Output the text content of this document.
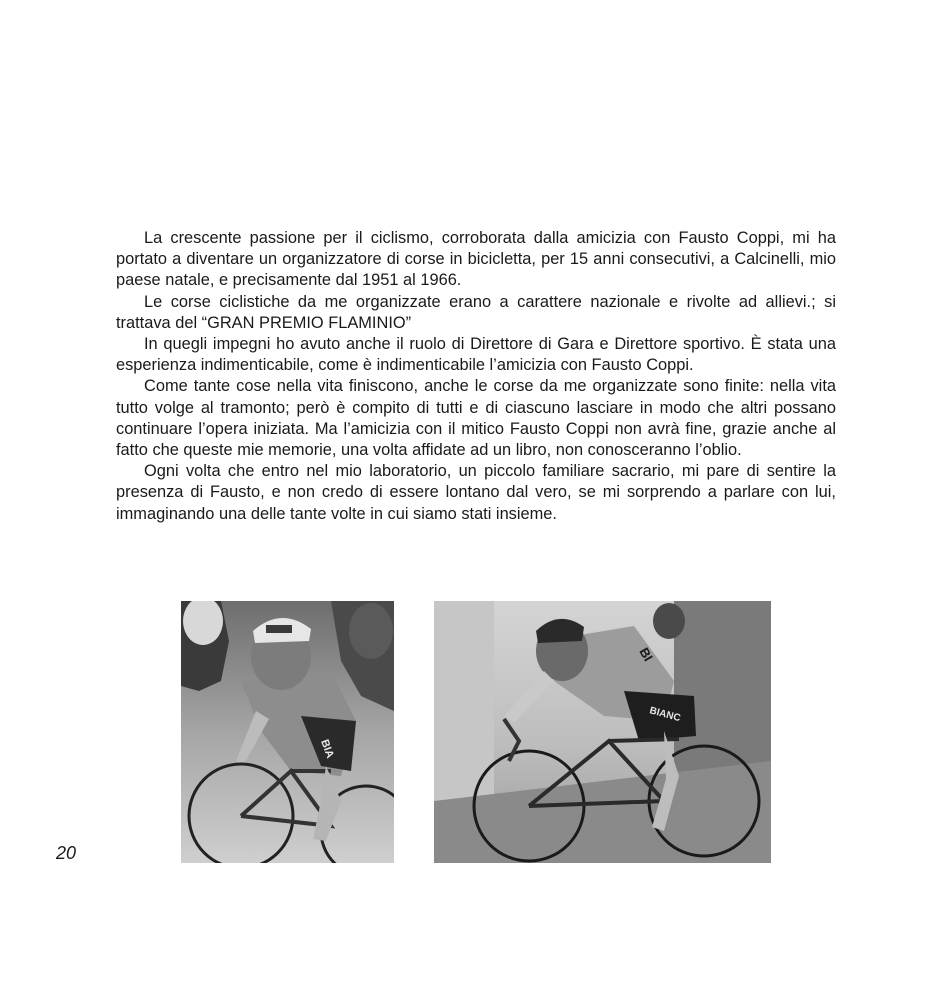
La crescente passione per il ciclismo, corroborata dalla amicizia con Fausto Coppi, mi ha portato a diventare un organizzatore di corse in bicicletta, per 15 anni consecutivi, a Calcinelli, mio paese natale, e precisamente dal 1951 al 1966.

Le corse ciclistiche da me organizzate erano a carattere nazionale e rivolte ad allievi.; si trattava del “GRAN PREMIO FLAMINIO”

In quegli impegni ho avuto anche il ruolo di Direttore di Gara e Direttore sportivo. È stata una esperienza indimenticabile, come è indimenticabile l’amicizia con Fausto Coppi.

Come tante cose nella vita finiscono, anche le corse da me organizzate sono finite: nella vita tutto volge al tramonto; però è compito di tutti e di ciascuno lasciare in modo che altri possano continuare l’opera iniziata. Ma l’amicizia con il mitico Fausto Coppi non avrà fine, grazie anche al fatto che queste mie memorie, una volta affidate ad un libro, non conosceranno l’oblio.

Ogni volta che entro nel mio laboratorio, un piccolo familiare sacrario, mi pare di sentire la presenza di Fausto, e non credo di essere lontano dal vero, se mi sorprendo a parlare con lui, immaginando una delle tante volte in cui siamo stati insieme.

BIA
BI
BIANC
20
